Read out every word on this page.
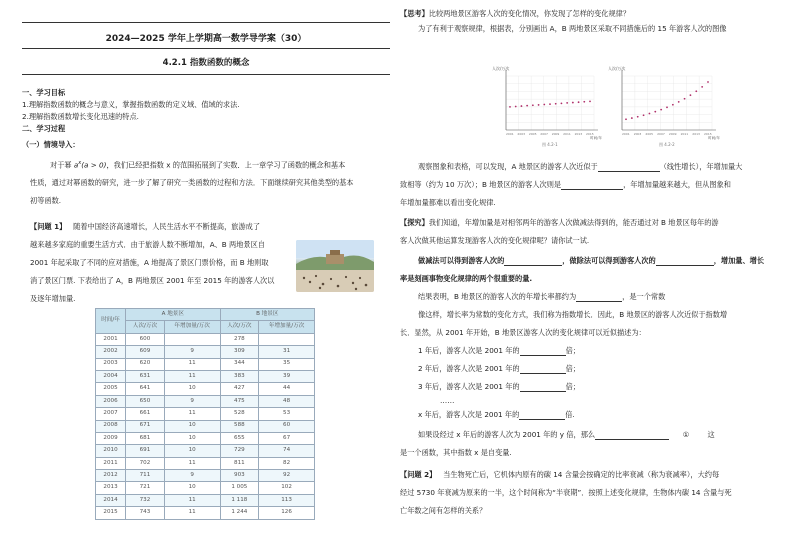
2024—2025 学年上学期高一数学导学案（30）
4.2.1 指数函数的概念
一、学习目标
1.理解指数函数的概念与意义，掌握指数函数的定义域、值域的求法.
2.理解指数函数增长变化迅速的特点.
二、学习过程
（一）情境导入：
对于幂 $a^x(a > 0)$，我们已经把指数 x 的范围拓展到了实数．上一章学习了函数的概念和基本
性质，通过对幂函数的研究，进一步了解了研究一类函数的过程和方法．下面继续研究其他类型的基本
初等函数.
【问题 1】 随着中国经济高速增长，人民生活水平不断提高，旅游成了
越来越多家庭的重要生活方式．由于旅游人数不断增加，A、B 两地景区自
2001 年起采取了不同的应对措施，A 地提高了景区门票价格，而 B 地则取
消了景区门票. 下表给出了 A，B 两地景区 2001 年至 2015 年的游客人次以
及逐年增加量.
时间/年	A 地景区		B 地景区	
	人次/万次	年增加量/万次	人次/万次	年增加量/万次
2001	600		278	
2002	609	9	309	31
2003	620	11	344	35
2004	631	11	383	39
2005	641	10	427	44
2006	650	9	475	48
2007	661	11	528	53
2008	671	10	588	60
2009	681	10	655	67
2010	691	10	729	74
2011	702	11	811	82
2012	711	9	903	92
2013	721	10	1 005	102
2014	732	11	1 118	113
2015	743	11	1 244	126
【思考】比较两地景区游客人次的变化情况，你发现了怎样的变化规律？
为了有利于观察规律，根据表，分别画出 A，B 两地景区采取不同措施后的 15 年游客人次的图像
人次/万次
时间/年
图 4.2-1
2001 2003 2005 2007 2009 2011 2013 2015
人次/万次
时间/年
图 4.2-2
2001 2003 2005 2007 2009 2011 2013 2015
观察图象和表格，可以发现，A 地景区的游客人次近似于	（线性增长），年增加量大
致相等（约为 10 万次）；B 地景区的游客人次则是	，年增加量越来越大，但从图象和
年增加量都难以看出变化规律.
【探究】我们知道，年增加量是对相邻两年的游客人次做减法得到的，能否通过对 B 地景区每年的游
客人次做其他运算发现游客人次的变化规律呢？请你试一试.
做减法可以得到游客人次的	，做除法可以得到游客人次的	，增加量、增长
率是刻画事物变化规律的两个很重要的量.
结果表明，B 地景区的游客人次的年增长率都约为	，是一个常数
像这样，增长率为常数的变化方式，我们称为指数增长．因此，B 地景区的游客人次近似于指数增
长．显然，从 2001 年开始，B 地景区游客人次的变化规律可以近似描述为：
1 年后，游客人次是 2001 年的	倍；
2 年后，游客人次是 2001 年的	倍；
3 年后，游客人次是 2001 年的	倍；
……
x 年后，游客人次是 2001 年的	倍.
如果设经过 x 年后的游客人次为 2001 年的 y 倍，那么	①	这
是一个函数，其中指数 x 是自变量.
【问题 2】 当生物死亡后，它机体内原有的碳 14 含量会按确定的比率衰减（称为衰减率），大约每
经过 5730 年衰减为原来的一半，这个时间称为“半衰期”．按照上述变化规律，生物体内碳 14 含量与死
亡年数之间有怎样的关系？
